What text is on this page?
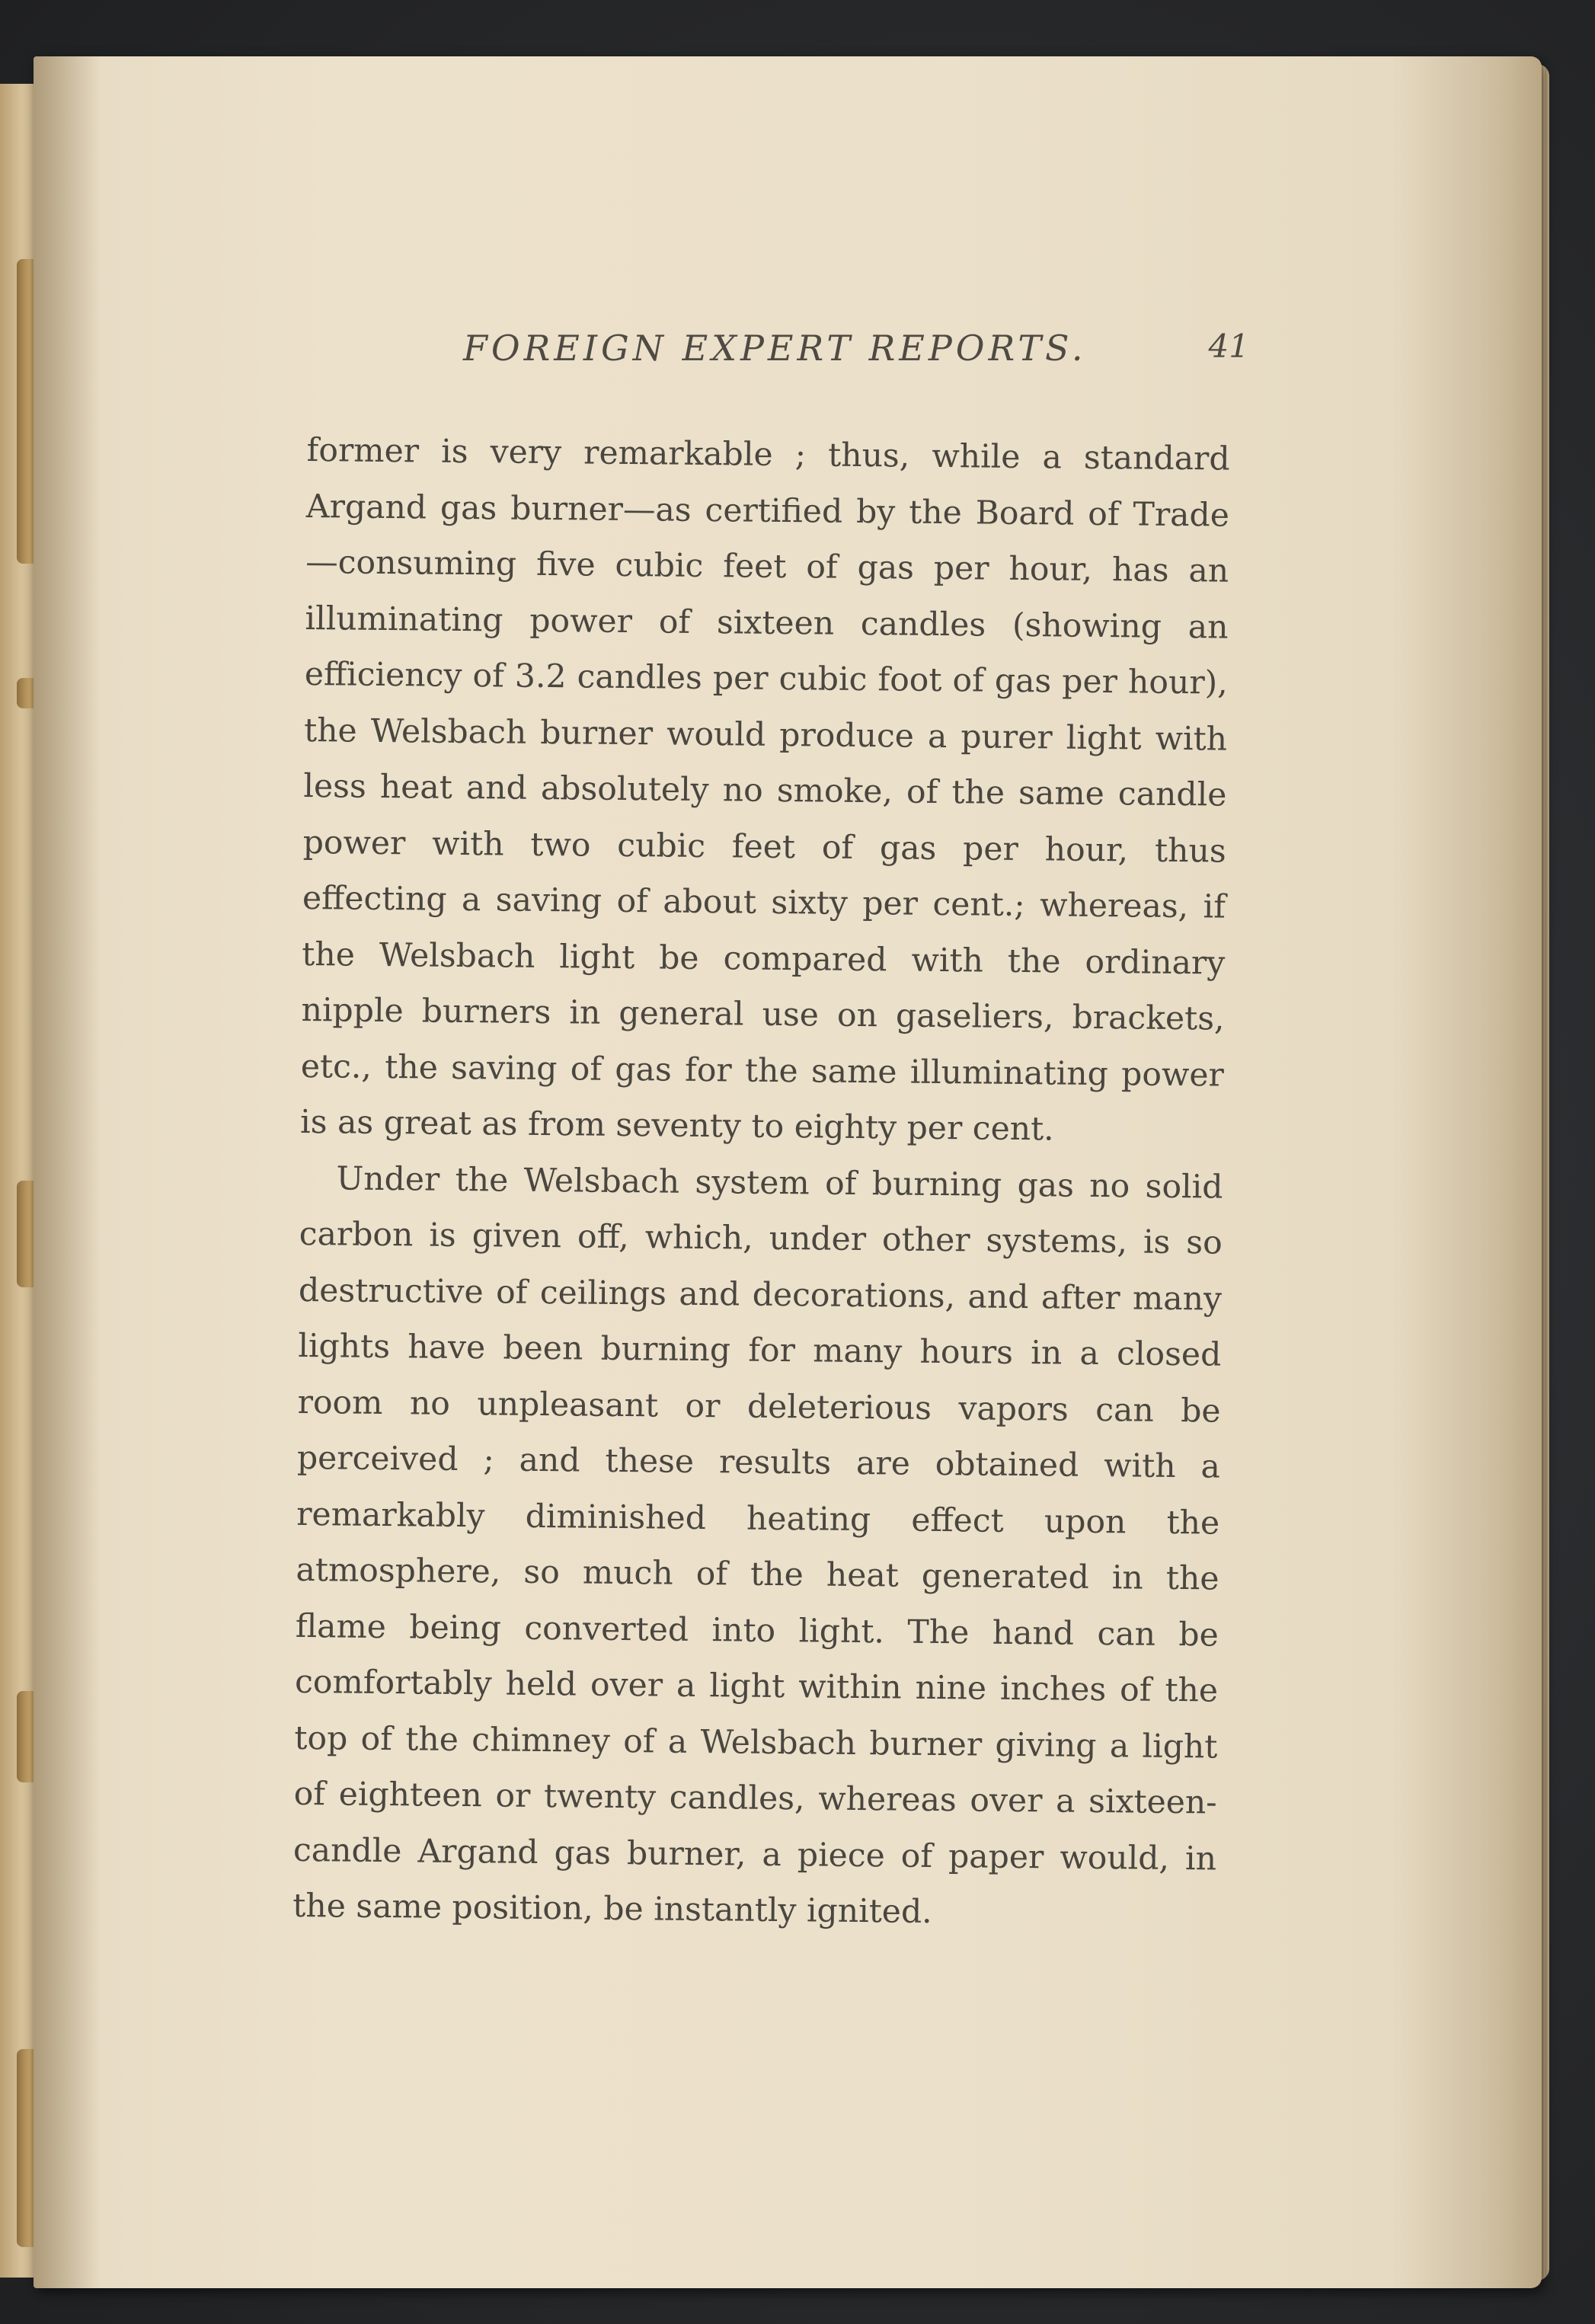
FOREIGN EXPERT REPORTS.	41

former is very remarkable ; thus, while a standard Argand gas burner—as certified by the Board of Trade—consuming five cubic feet of gas per hour, has an illuminating power of sixteen candles (showing an efficiency of 3.2 candles per cubic foot of gas per hour), the Welsbach burner would produce a purer light with less heat and absolutely no smoke, of the same candle power with two cubic feet of gas per hour, thus effecting a saving of about sixty per cent.; whereas, if the Welsbach light be compared with the ordinary nipple burners in general use on gaseliers, brackets, etc., the saving of gas for the same illuminating power is as great as from seventy to eighty per cent.

Under the Welsbach system of burning gas no solid carbon is given off, which, under other systems, is so destructive of ceilings and decorations, and after many lights have been burning for many hours in a closed room no unpleasant or deleterious vapors can be perceived ; and these results are obtained with a remarkably diminished heating effect upon the atmosphere, so much of the heat generated in the flame being converted into light. The hand can be comfortably held over a light within nine inches of the top of the chimney of a Welsbach burner giving a light of eighteen or twenty candles, whereas over a sixteen-candle Argand gas burner, a piece of paper would, in the same position, be instantly ignited.
